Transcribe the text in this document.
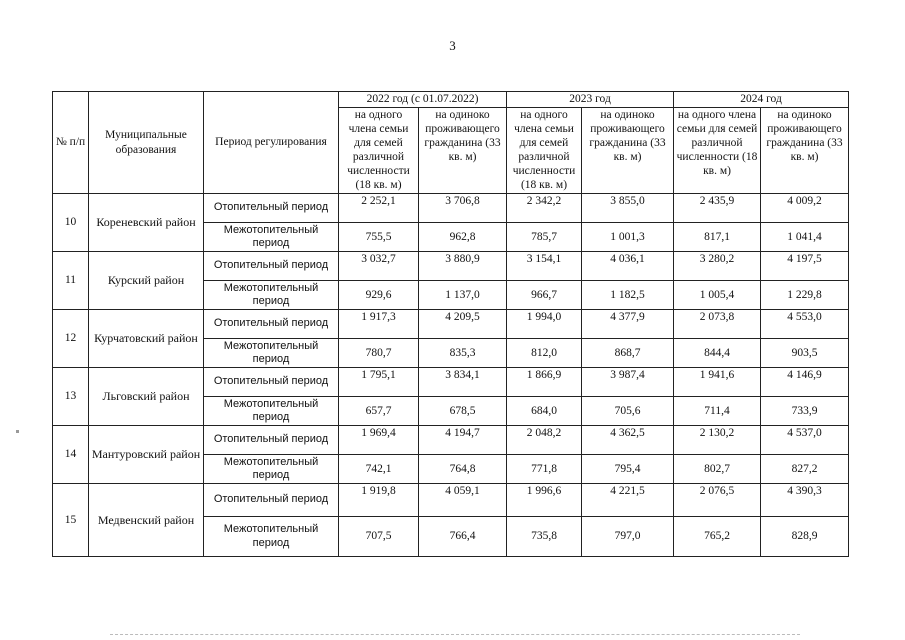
3
№ п/п	Муниципальные образования	Период регулирования	2022 год (с 01.07.2022)		2023 год		2024 год	
			на одного члена семьи для семей различной численности (18 кв. м)	на одиноко проживающего гражданина (33 кв. м)	на одного члена семьи для семей различной численности (18 кв. м)	на одиноко проживающего гражданина (33 кв. м)	на одного члена семьи для семей различной численности (18 кв. м)	на одиноко проживающего гражданина (33 кв. м)
10	Кореневский район	Отопительный период	2 252,1	3 706,8	2 342,2	3 855,0	2 435,9	4 009,2
		Межотопительный период	755,5	962,8	785,7	1 001,3	817,1	1 041,4
11	Курский район	Отопительный период	3 032,7	3 880,9	3 154,1	4 036,1	3 280,2	4 197,5
		Межотопительный период	929,6	1 137,0	966,7	1 182,5	1 005,4	1 229,8
12	Курчатовский район	Отопительный период	1 917,3	4 209,5	1 994,0	4 377,9	2 073,8	4 553,0
		Межотопительный период	780,7	835,3	812,0	868,7	844,4	903,5
13	Льговский район	Отопительный период	1 795,1	3 834,1	1 866,9	3 987,4	1 941,6	4 146,9
		Межотопительный период	657,7	678,5	684,0	705,6	711,4	733,9
14	Мантуровский район	Отопительный период	1 969,4	4 194,7	2 048,2	4 362,5	2 130,2	4 537,0
		Межотопительный период	742,1	764,8	771,8	795,4	802,7	827,2
15	Медвенский район	Отопительный период	1 919,8	4 059,1	1 996,6	4 221,5	2 076,5	4 390,3
		Межотопительный период	707,5	766,4	735,8	797,0	765,2	828,9
